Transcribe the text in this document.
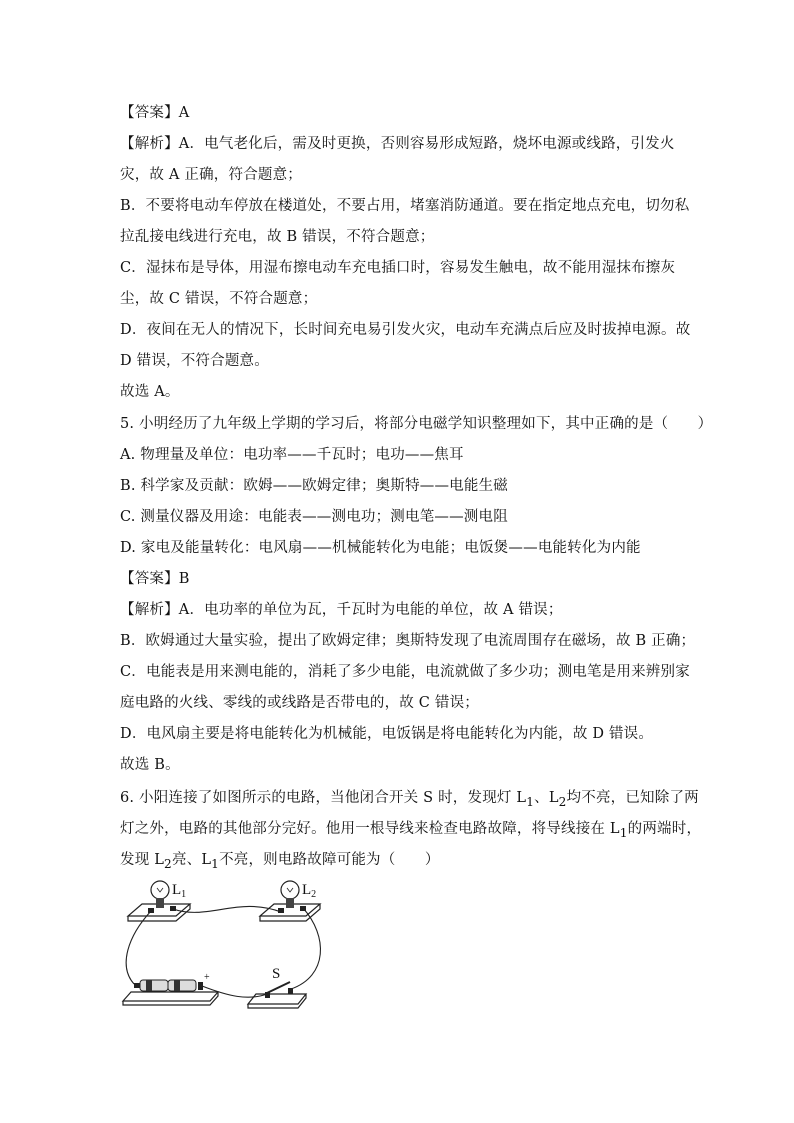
【答案】A
【解析】A．电气老化后，需及时更换，否则容易形成短路，烧坏电源或线路，引发火
灾，故 A 正确，符合题意；
B．不要将电动车停放在楼道处，不要占用，堵塞消防通道。要在指定地点充电，切勿私
拉乱接电线进行充电，故 B 错误，不符合题意；
C．湿抹布是导体，用湿布擦电动车充电插口时，容易发生触电，故不能用湿抹布擦灰
尘，故 C 错误，不符合题意；
D．夜间在无人的情况下，长时间充电易引发火灾，电动车充满点后应及时拔掉电源。故
D 错误，不符合题意。
故选 A。
5. 小明经历了九年级上学期的学习后，将部分电磁学知识整理如下，其中正确的是（　　）
A. 物理量及单位：电功率——千瓦时；电功——焦耳
B. 科学家及贡献：欧姆——欧姆定律；奥斯特——电能生磁
C. 测量仪器及用途：电能表——测电功；测电笔——测电阻
D. 家电及能量转化：电风扇——机械能转化为电能；电饭煲——电能转化为内能
【答案】B
【解析】A．电功率的单位为瓦，千瓦时为电能的单位，故 A 错误；
B．欧姆通过大量实验，提出了欧姆定律；奥斯特发现了电流周围存在磁场，故 B 正确；
C．电能表是用来测电能的，消耗了多少电能，电流就做了多少功；测电笔是用来辨别家
庭电路的火线、零线的或线路是否带电的，故 C 错误；
D．电风扇主要是将电能转化为机械能，电饭锅是将电能转化为内能，故 D 错误。
故选 B。
6. 小阳连接了如图所示的电路，当他闭合开关 S 时，发现灯 $L_1$、$L_2$均不亮，已知除了两
灯之外，电路的其他部分完好。他用一根导线来检查电路故障，将导线接在 $L_1$的两端时，
发现 $L_2$亮、$L_1$不亮，则电路故障可能为（　　）
$L_1$	$L_2$
S
+
